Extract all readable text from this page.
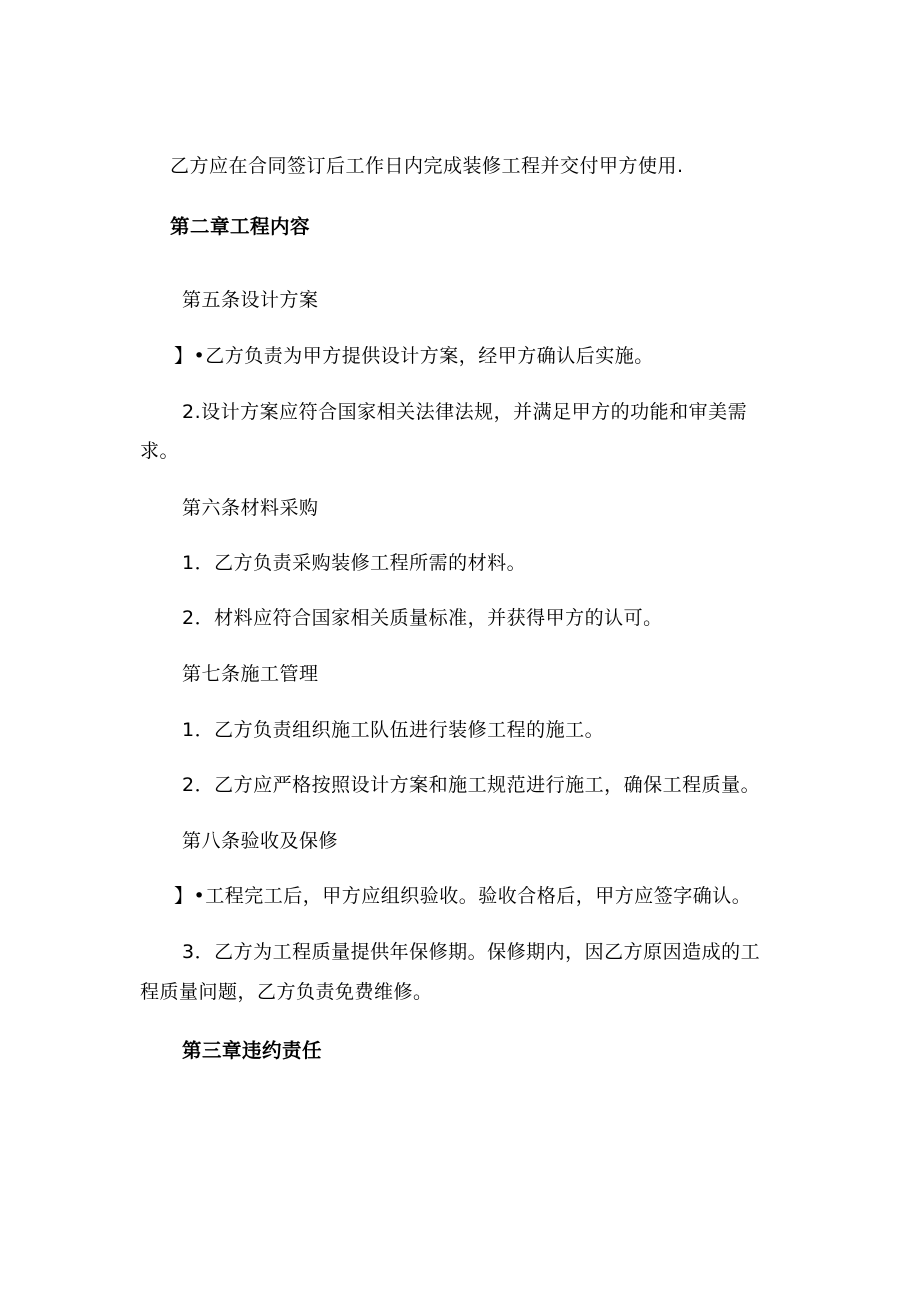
乙方应在合同签订后工作日内完成装修工程并交付甲方使用.
第二章工程内容
第五条设计方案
】•乙方负责为甲方提供设计方案，经甲方确认后实施。
2.设计方案应符合国家相关法律法规，并满足甲方的功能和审美需
求。
第六条材料采购
1．乙方负责采购装修工程所需的材料。
2．材料应符合国家相关质量标准，并获得甲方的认可。
第七条施工管理
1．乙方负责组织施工队伍进行装修工程的施工。
2．乙方应严格按照设计方案和施工规范进行施工，确保工程质量。
第八条验收及保修
】•工程完工后，甲方应组织验收。验收合格后，甲方应签字确认。
3．乙方为工程质量提供年保修期。保修期内，因乙方原因造成的工
程质量问题，乙方负责免费维修。
第三章违约责任
